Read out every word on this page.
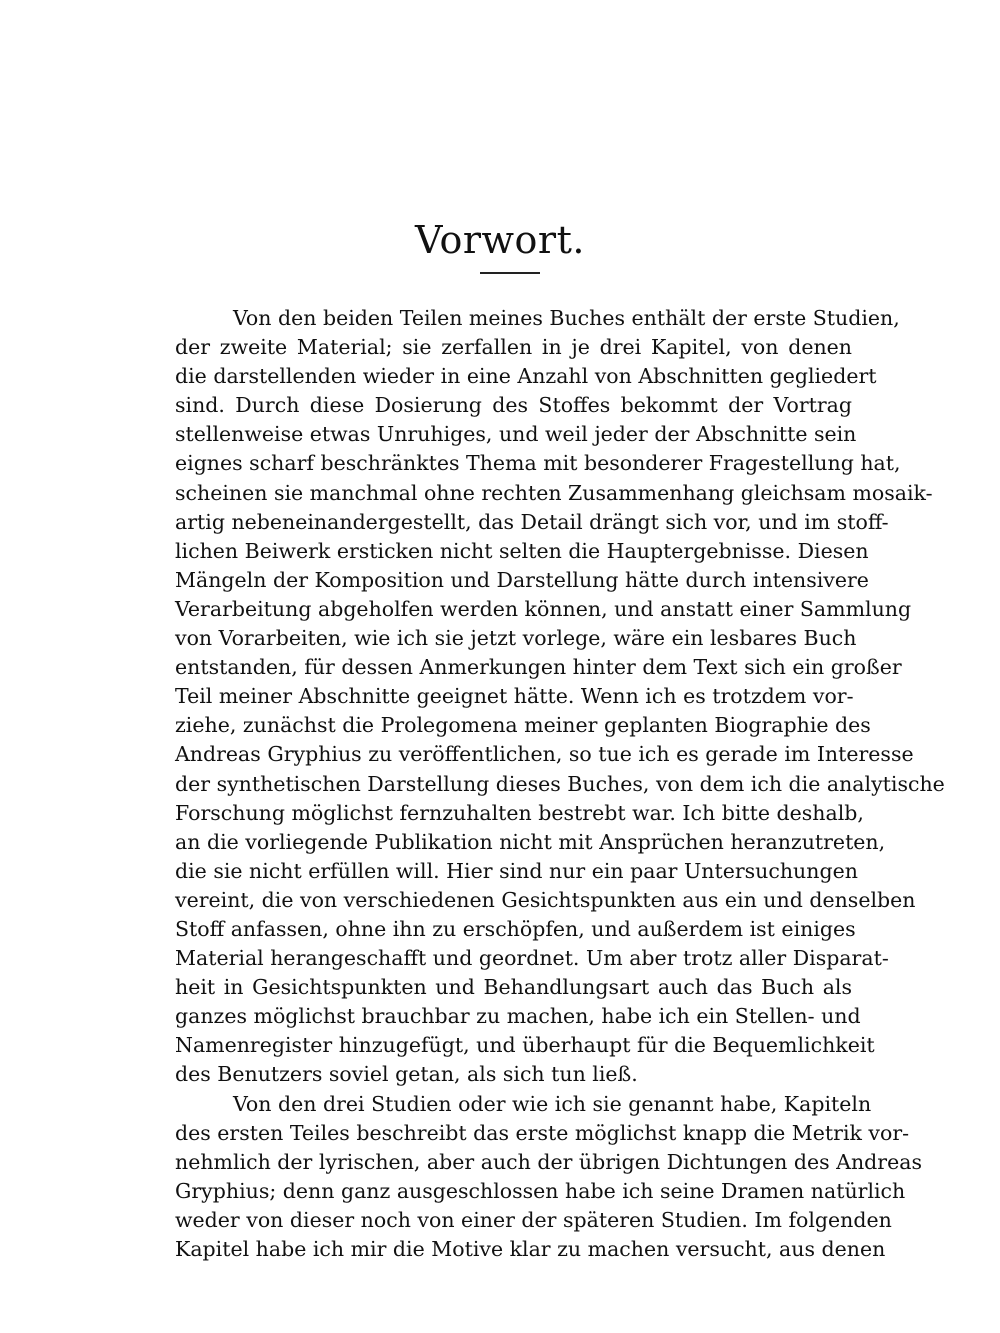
Vorwort.

Von den beiden Teilen meines Buches enthält der erste Studien,
der zweite Material; sie zerfallen in je drei Kapitel, von denen
die darstellenden wieder in eine Anzahl von Abschnitten gegliedert
sind. Durch diese Dosierung des Stoffes bekommt der Vortrag
stellenweise etwas Unruhiges, und weil jeder der Abschnitte sein
eignes scharf beschränktes Thema mit besonderer Fragestellung hat,
scheinen sie manchmal ohne rechten Zusammenhang gleichsam mosaik-
artig nebeneinandergestellt, das Detail drängt sich vor, und im stoff-
lichen Beiwerk ersticken nicht selten die Hauptergebnisse. Diesen
Mängeln der Komposition und Darstellung hätte durch intensivere
Verarbeitung abgeholfen werden können, und anstatt einer Sammlung
von Vorarbeiten, wie ich sie jetzt vorlege, wäre ein lesbares Buch
entstanden, für dessen Anmerkungen hinter dem Text sich ein großer
Teil meiner Abschnitte geeignet hätte. Wenn ich es trotzdem vor-
ziehe, zunächst die Prolegomena meiner geplanten Biographie des
Andreas Gryphius zu veröffentlichen, so tue ich es gerade im Interesse
der synthetischen Darstellung dieses Buches, von dem ich die analytische
Forschung möglichst fernzuhalten bestrebt war. Ich bitte deshalb,
an die vorliegende Publikation nicht mit Ansprüchen heranzutreten,
die sie nicht erfüllen will. Hier sind nur ein paar Untersuchungen
vereint, die von verschiedenen Gesichtspunkten aus ein und denselben
Stoff anfassen, ohne ihn zu erschöpfen, und außerdem ist einiges
Material herangeschafft und geordnet. Um aber trotz aller Disparat-
heit in Gesichtspunkten und Behandlungsart auch das Buch als
ganzes möglichst brauchbar zu machen, habe ich ein Stellen- und
Namenregister hinzugefügt, und überhaupt für die Bequemlichkeit
des Benutzers soviel getan, als sich tun ließ.

Von den drei Studien oder wie ich sie genannt habe, Kapiteln
des ersten Teiles beschreibt das erste möglichst knapp die Metrik vor-
nehmlich der lyrischen, aber auch der übrigen Dichtungen des Andreas
Gryphius; denn ganz ausgeschlossen habe ich seine Dramen natürlich
weder von dieser noch von einer der späteren Studien. Im folgenden
Kapitel habe ich mir die Motive klar zu machen versucht, aus denen
